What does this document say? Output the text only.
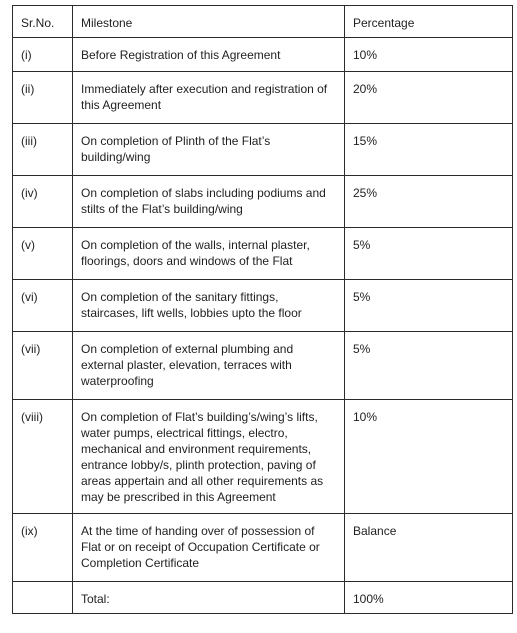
Sr.No.	Milestone	Percentage
(i)	Before Registration of this Agreement	10%
(ii)	Immediately after execution and registration of this Agreement	20%
(iii)	On completion of Plinth of the Flat’s building/wing	15%
(iv)	On completion of slabs including podiums and stilts of the Flat’s building/wing	25%
(v)	On completion of the walls, internal plaster, floorings, doors and windows of the Flat	5%
(vi)	On completion of the sanitary fittings, staircases, lift wells, lobbies upto the floor	5%
(vii)	On completion of external plumbing and external plaster, elevation, terraces with waterproofing	5%
(viii)	On completion of Flat’s building’s/wing’s lifts, water pumps, electrical fittings, electro, mechanical and environment requirements, entrance lobby/s, plinth protection, paving of areas appertain and all other requirements as may be prescribed in this Agreement	10%
(ix)	At the time of handing over of possession of Flat or on receipt of Occupation Certificate or Completion Certificate	Balance
	Total:	100%
